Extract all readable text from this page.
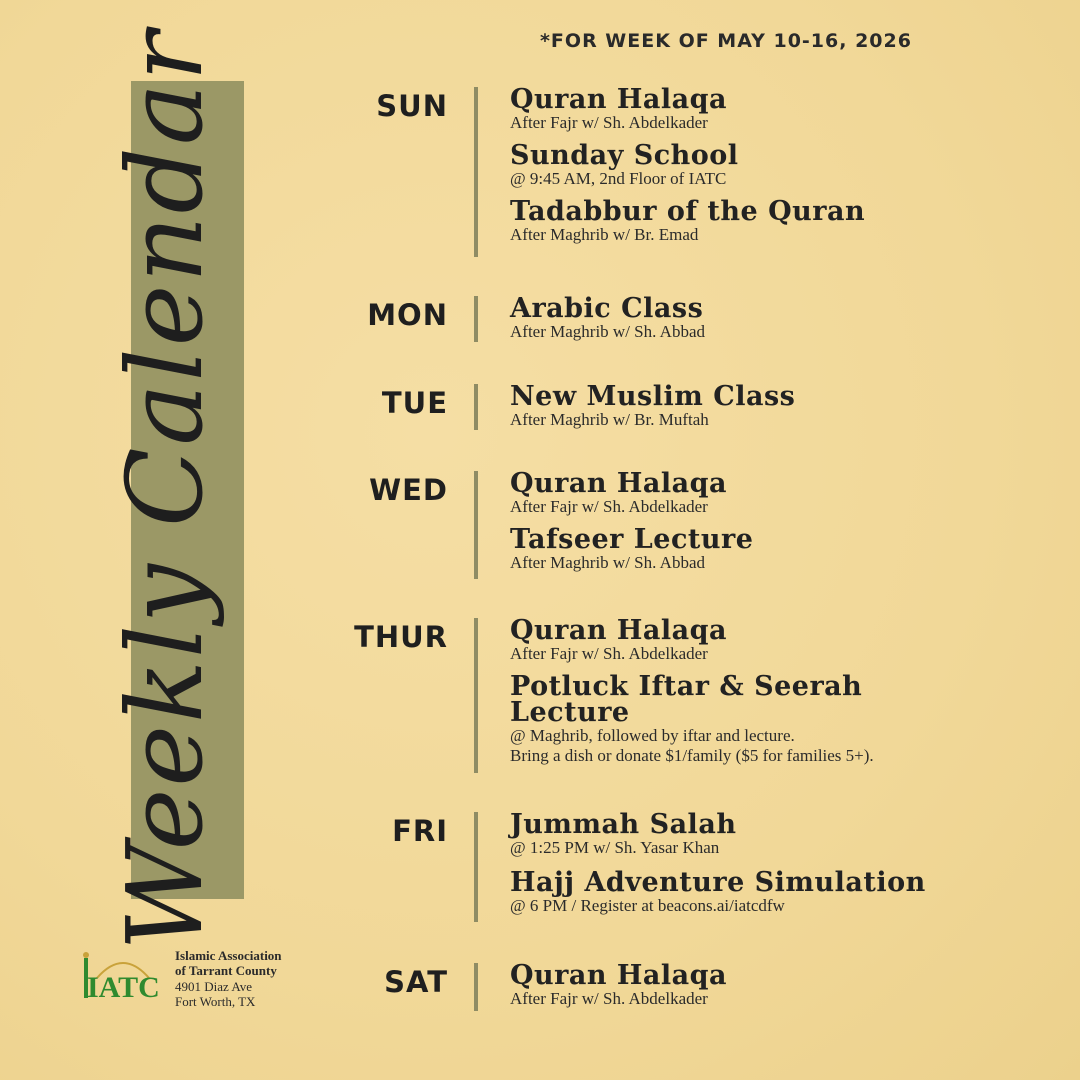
*FOR WEEK OF MAY 10-16, 2026
Weekly Calendar	SUN Quran Halaqa
After Fajr w/ Sh. Abdelkader
Sunday School
@ 9:45 AM, 2nd Floor of IATC
Tadabbur of the Quran
After Maghrib w/ Br. Emad
MON Arabic Class
After Maghrib w/ Sh. Abbad
TUE New Muslim Class
After Maghrib w/ Br. Muftah
WED Quran Halaqa
After Fajr w/ Sh. Abdelkader
Tafseer Lecture
After Maghrib w/ Sh. Abbad
THUR Quran Halaqa
After Fajr w/ Sh. Abdelkader
Potluck Iftar & Seerah Lecture
@ Maghrib, followed by iftar and lecture.
Bring a dish or donate $1/family ($5 for families 5+).
FRI Jummah Salah
@ 1:25 PM w/ Sh. Yasar Khan
Hajj Adventure Simulation
@ 6 PM / Register at beacons.ai/iatcdfw
SAT Quran Halaqa
After Fajr w/ Sh. Abdelkader
IATC
Islamic Association
of Tarrant County
4901 Diaz Ave
Fort Worth, TX
